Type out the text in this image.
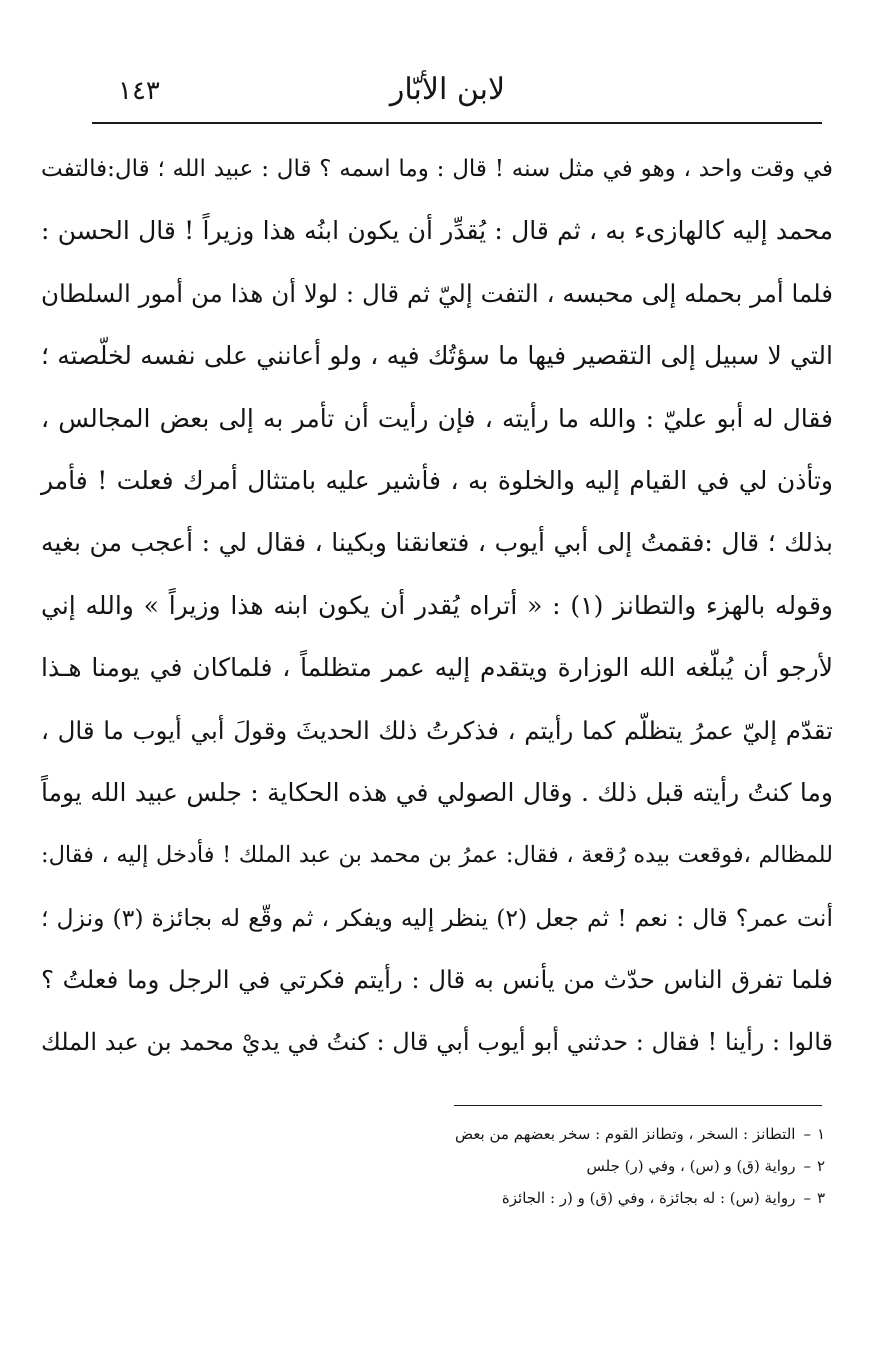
لابن الأبّار
١٤٣
في وقت واحد ، وهو في مثل سنه ! قال : وما اسمه ؟ قال : عبيد الله ؛ قال:فالتفت
محمد إليه كالهازىء به ، ثم قال : يُقدِّر أن يكون ابنُه هذا وزيراً ! قال الحسن :
فلما أمر بحمله إلى محبسه ، التفت إليّ ثم قال : لولا أن هذا من أمور السلطان
التي لا سبيل إلى التقصير فيها ما سؤتُك فيه ، ولو أعانني على نفسه لخلّصته ؛
فقال له أبو عليّ : والله ما رأيته ، فإن رأيت أن تأمر به إلى بعض المجالس ،
وتأذن لي في القيام إليه والخلوة به ، فأشير عليه بامتثال أمرك فعلت ! فأمر
بذلك ؛ قال :فقمتُ إلى أبي أيوب ، فتعانقنا وبكينا ، فقال لي : أعجب من بغيه
وقوله بالهزء والتطانز (١) : « أتراه يُقدر أن يكون ابنه هذا وزيراً » والله إني
لأرجو أن يُبلّغه الله الوزارة ويتقدم إليه عمر متظلماً ، فلماكان في يومنا هـذا
تقدّم إليّ عمرُ يتظلّم كما رأيتم ، فذكرتُ ذلك الحديثَ وقولَ أبي أيوب ما قال ،
وما كنتُ رأيته قبل ذلك . وقال الصولي في هذه الحكاية : جلس عبيد الله يوماً
للمظالم ،فوقعت بيده رُقعة ، فقال: عمرُ بن محمد بن عبد الملك ! فأدخل إليه ، فقال:
أنت عمر؟ قال : نعم ! ثم جعل (٢) ينظر إليه ويفكر ، ثم وقّع له بجائزة (٣) ونزل ؛
فلما تفرق الناس حدّث من يأنس به قال : رأيتم فكرتي في الرجل وما فعلتُ ؟
قالوا : رأينا ! فقال : حدثني أبو أيوب أبي قال : كنتُ في يديْ محمد بن عبد الملك
١–التطانز : السخر ، وتطانز القوم : سخر بعضهم من بعض
٢–رواية (ق) و (س) ، وفي (ر) جلس
٣–رواية (س) : له بجائزة ، وفي (ق) و (ر : الجائزة
